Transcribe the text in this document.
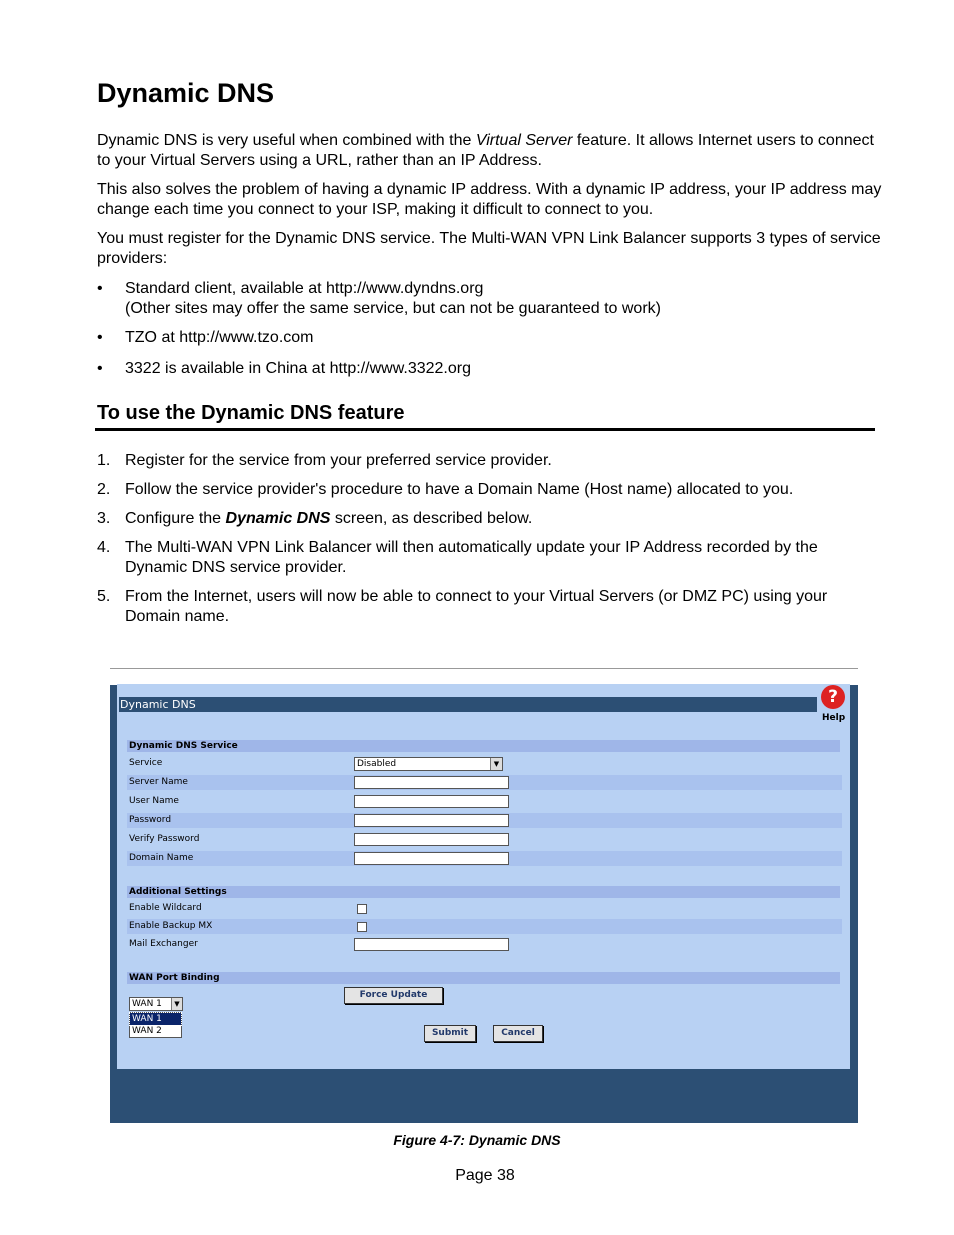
Dynamic DNS

Dynamic DNS is very useful when combined with the Virtual Server feature. It allows Internet users to connect to your Virtual Servers using a URL, rather than an IP Address.

This also solves the problem of having a dynamic IP address. With a dynamic IP address, your IP address may change each time you connect to your ISP, making it difficult to connect to you.

You must register for the Dynamic DNS service. The Multi-WAN VPN Link Balancer supports 3 types of service providers:

• Standard client, available at http://www.dyndns.org
(Other sites may offer the same service, but can not be guaranteed to work)
• TZO at http://www.tzo.com
• 3322 is available in China at http://www.3322.org
To use the Dynamic DNS feature
1. Register for the service from your preferred service provider.
2. Follow the service provider's procedure to have a Domain Name (Host name) allocated to you.
3. Configure the Dynamic DNS screen, as described below.
4. The Multi-WAN VPN Link Balancer will then automatically update your IP Address recorded by the Dynamic DNS service provider.
5. From the Internet, users will now be able to connect to your Virtual Servers (or DMZ PC) using your Domain name.
Dynamic DNS	?
Help
Dynamic DNS Service
Service	Disabled	▼
Server Name
User Name
Password
Verify Password
Domain Name
Additional Settings
Enable Wildcard
Enable Backup MX
Mail Exchanger
WAN Port Binding
WAN 1	▼
WAN 1
WAN 2
Force Update
Submit	Cancel
Figure 4-7: Dynamic DNS
Page 38
